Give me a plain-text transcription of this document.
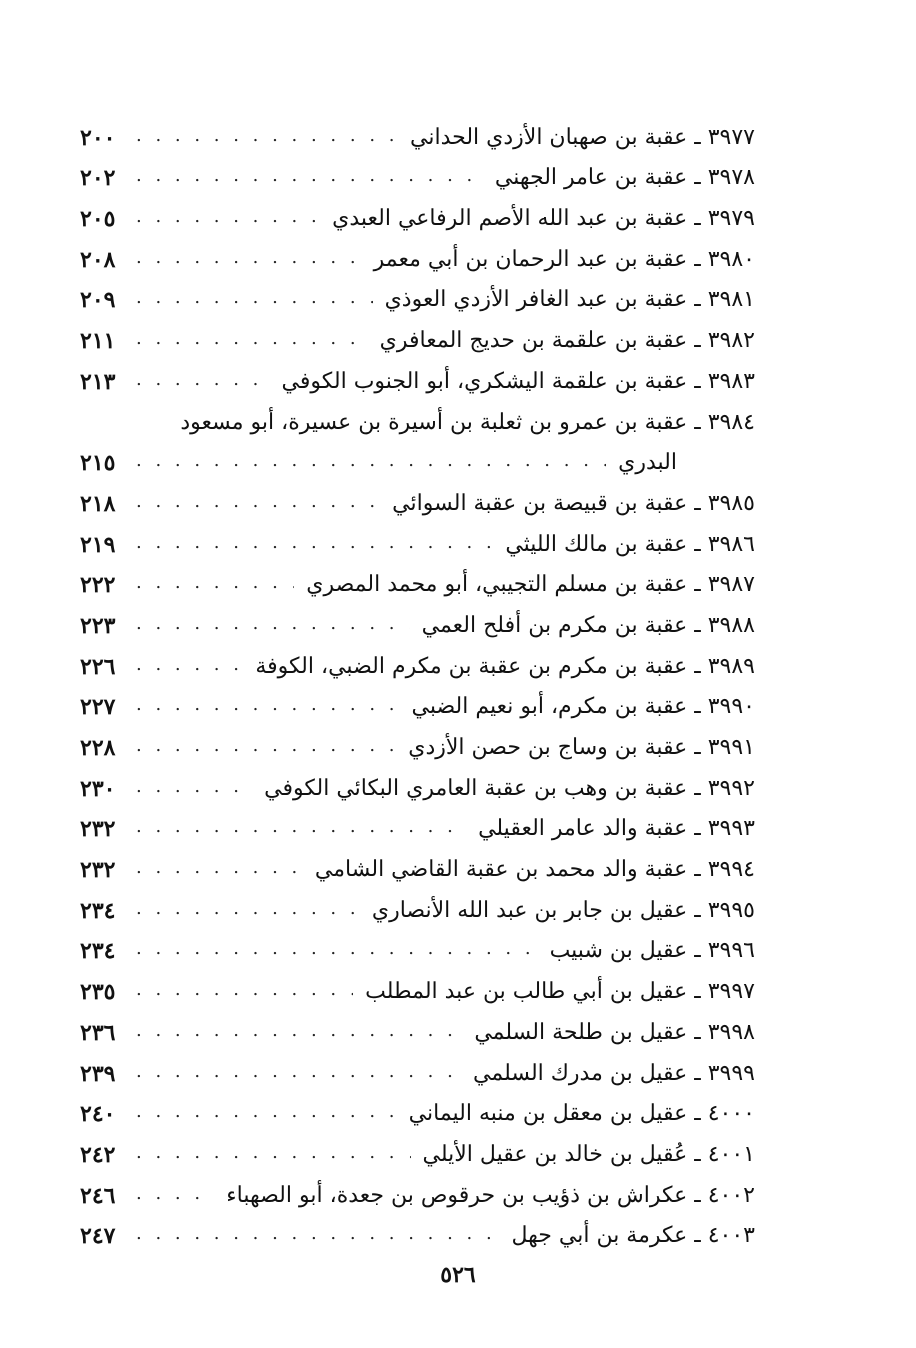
٣٩٧٧ ـ عقبة بن صهبان الأزدي الحداني
. . .
٢٠٠
٣٩٧٨ ـ عقبة بن عامر الجهني
. . .
٢٠٢
٣٩٧٩ ـ عقبة بن عبد الله الأصم الرفاعي العبدي
. . .
٢٠٥
٣٩٨٠ ـ عقبة بن عبد الرحمان بن أبي معمر
. . .
٢٠٨
٣٩٨١ ـ عقبة بن عبد الغافر الأزدي العوذي
. . .
٢٠٩
٣٩٨٢ ـ عقبة بن علقمة بن حديج المعافري
. . .
٢١١
٣٩٨٣ ـ عقبة بن علقمة اليشكري، أبو الجنوب الكوفي
. . .
٢١٣
٣٩٨٤ ـ عقبة بن عمرو بن ثعلبة بن أسيرة بن عسيرة، أبو مسعود
البدري
. . .
٢١٥
٣٩٨٥ ـ عقبة بن قبيصة بن عقبة السوائي
. . .
٢١٨
٣٩٨٦ ـ عقبة بن مالك الليثي
. . .
٢١٩
٣٩٨٧ ـ عقبة بن مسلم التجيبي، أبو محمد المصري
. . .
٢٢٢
٣٩٨٨ ـ عقبة بن مكرم بن أفلح العمي
. . .
٢٢٣
٣٩٨٩ ـ عقبة بن مكرم بن عقبة بن مكرم الضبي، الكوفة
. . .
٢٢٦
٣٩٩٠ ـ عقبة بن مكرم، أبو نعيم الضبي
. . .
٢٢٧
٣٩٩١ ـ عقبة بن وساج بن حصن الأزدي
. . .
٢٢٨
٣٩٩٢ ـ عقبة بن وهب بن عقبة العامري البكائي الكوفي
. . .
٢٣٠
٣٩٩٣ ـ عقبة والد عامر العقيلي
. . .
٢٣٢
٣٩٩٤ ـ عقبة والد محمد بن عقبة القاضي الشامي
. . .
٢٣٢
٣٩٩٥ ـ عقيل بن جابر بن عبد الله الأنصاري
. . .
٢٣٤
٣٩٩٦ ـ عقيل بن شبيب
. . .
٢٣٤
٣٩٩٧ ـ عقيل بن أبي طالب بن عبد المطلب
. . .
٢٣٥
٣٩٩٨ ـ عقيل بن طلحة السلمي
. . .
٢٣٦
٣٩٩٩ ـ عقيل بن مدرك السلمي
. . .
٢٣٩
٤٠٠٠ ـ عقيل بن معقل بن منبه اليماني
. . .
٢٤٠
٤٠٠١ ـ عُقيل بن خالد بن عقيل الأيلي
. . .
٢٤٢
٤٠٠٢ ـ عكراش بن ذؤيب بن حرقوص بن جعدة، أبو الصهباء
. . .
٢٤٦
٤٠٠٣ ـ عكرمة بن أبي جهل
. . .
٢٤٧
٥٢٦
